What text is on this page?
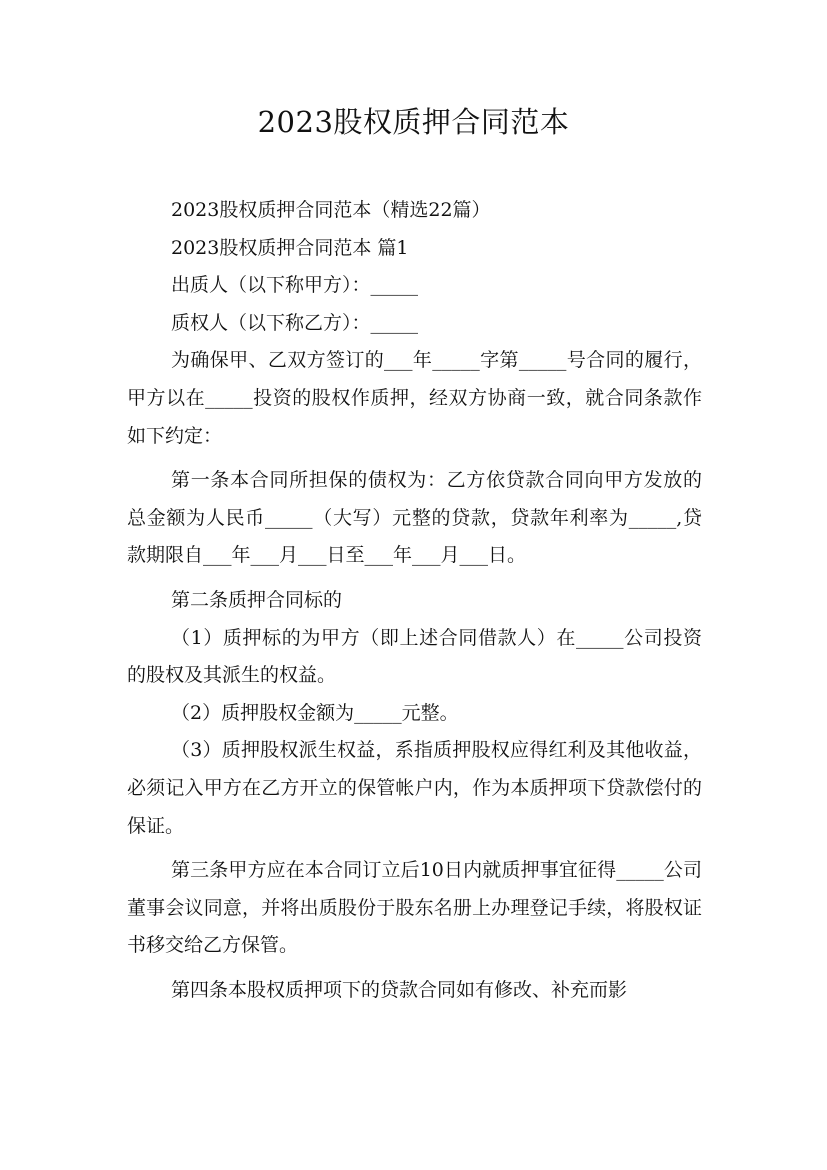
2023股权质押合同范本

2023股权质押合同范本（精选22篇）

2023股权质押合同范本 篇1

出质人（以下称甲方）：_____

质权人（以下称乙方）：_____

为确保甲、乙双方签订的___年_____字第_____号合同的履行，甲方以在_____投资的股权作质押，经双方协商一致，就合同条款作如下约定：

第一条本合同所担保的债权为：乙方依贷款合同向甲方发放的总金额为人民币_____（大写）元整的贷款，贷款年利率为_____,贷款期限自___年___月___日至___年___月___日。

第二条质押合同标的

（1）质押标的为甲方（即上述合同借款人）在_____公司投资的股权及其派生的权益。

（2）质押股权金额为_____元整。

（3）质押股权派生权益，系指质押股权应得红利及其他收益，必须记入甲方在乙方开立的保管帐户内，作为本质押项下贷款偿付的保证。

第三条甲方应在本合同订立后10日内就质押事宜征得_____公司董事会议同意，并将出质股份于股东名册上办理登记手续，将股权证书移交给乙方保管。

第四条本股权质押项下的贷款合同如有修改、补充而影
